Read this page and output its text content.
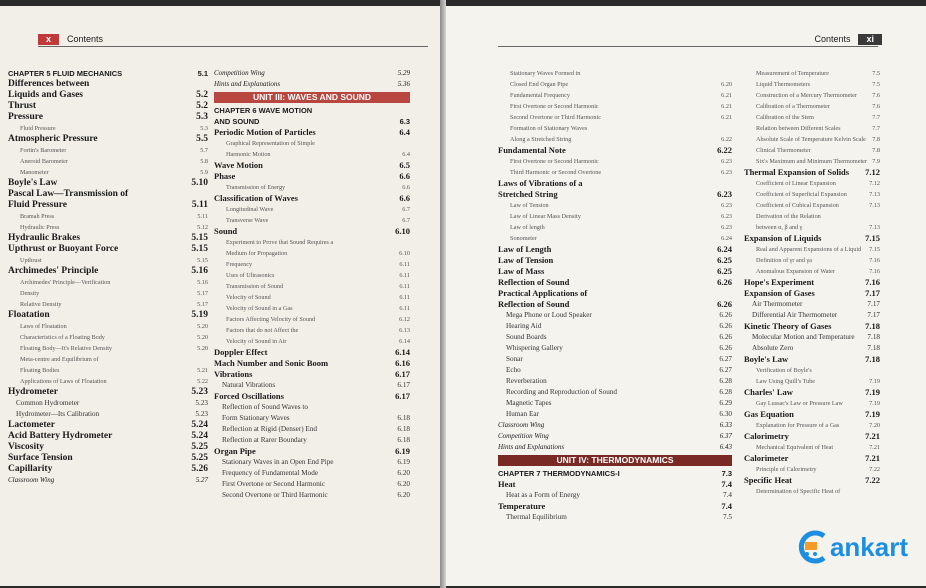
x	Contents
CHAPTER 5 FLUID MECHANICS	5.1
Differences between
Liquids and Gases	5.2
Thrust	5.2
Pressure	5.3
Fluid Pressure	5.3
Atmospheric Pressure	5.5
Fortin's Barometer	5.7
Aneroid Barometer	5.8
Manometer	5.9
Boyle's Law	5.10
Pascal Law—Transmission of
Fluid Pressure	5.11
Bramah Press	5.11
Hydraulic Press	5.12
Hydraulic Brakes	5.15
Upthrust or Buoyant Force	5.15
Upthrust	5.15
Archimedes' Principle	5.16
Archimedes' Principle—Verification	5.16
Density	5.17
Relative Density	5.17
Floatation	5.19
Laws of Floatation	5.20
Characteristics of a Floating Body	5.20
Floating Body—It's Relative Density	5.20
Meta-centre and Equilibrium of
Floating Bodies	5.21
Applications of Laws of Floatation	5.22
Hydrometer	5.23
Common Hydrometer	5.23
Hydrometer—Its Calibration	5.23
Lactometer	5.24
Acid Battery Hydrometer	5.24
Viscosity	5.25
Surface Tension	5.25
Capillarity	5.26
Classroom Wing	5.27
Competition Wing	5.29
Hints and Explanations	5.36
UNIT III: WAVES AND SOUND
CHAPTER 6 WAVE MOTION
AND SOUND	6.3
Periodic Motion of Particles	6.4
Graphical Representation of Simple
Harmonic Motion	6.4
Wave Motion	6.5
Phase	6.6
Transmission of Energy	6.6
Classification of Waves	6.6
Longitudinal Wave	6.7
Transverse Wave	6.7
Sound	6.10
Experiment to Prove that Sound Requires a
Medium for Propagation	6.10
Frequency	6.11
Uses of Ultrasonics	6.11
Transmission of Sound	6.11
Velocity of Sound	6.11
Velocity of Sound in a Gas	6.11
Factors Affecting Velocity of Sound	6.12
Factors that do not Affect the	6.13
Velocity of Sound in Air	6.14
Doppler Effect	6.14
Mach Number and Sonic Boom	6.16
Vibrations	6.17
Natural Vibrations	6.17
Forced Oscillations	6.17
Reflection of Sound Waves to
Form Stationary Waves	6.18
Reflection at Rigid (Denser) End	6.18
Reflection at Rarer Boundary	6.18
Organ Pipe	6.19
Stationary Waves in an Open End Pipe	6.19
Frequency of Fundamental Mode	6.20
First Overtone or Second Harmonic	6.20
Second Overtone or Third Harmonic	6.20
Contents	xi
Stationary Waves Formed in
Closed End Organ Pipe	6.20
Fundamental Frequency	6.21
First Overtone or Second Harmonic	6.21
Second Overtone or Third Harmonic	6.21
Formation of Stationary Waves
Along a Stretched String	6.22
Fundamental Note	6.22
First Overtone or Second Harmonic	6.23
Third Harmonic or Second Overtone	6.23
Laws of Vibrations of a
Stretched String	6.23
Law of Tension	6.23
Law of Linear Mass Density	6.23
Law of length	6.23
Sonometer	6.24
Law of Length	6.24
Law of Tension	6.25
Law of Mass	6.25
Reflection of Sound	6.26
Practical Applications of
Reflection of Sound	6.26
Mega Phone or Loud Speaker	6.26
Hearing Aid	6.26
Sound Boards	6.26
Whispering Gallery	6.26
Sonar	6.27
Echo	6.27
Reverberation	6.28
Recording and Reproduction of Sound	6.28
Magnetic Tapes	6.29
Human Ear	6.30
Classroom Wing	6.33
Competition Wing	6.37
Hints and Explanations	6.43
UNIT IV: THERMODYNAMICS
CHAPTER 7 THERMODYNAMICS-I	7.3
Heat	7.4
Heat as a Form of Energy	7.4
Temperature	7.4
Thermal Equilibrium	7.5
Measurement of Temperature	7.5
Liquid Thermometers	7.5
Construction of a Mercury Thermometer 7.6
Calibration of a Thermometer	7.6
Calibration of the Stem	7.7
Relation between Different Scales	7.7
Absolute Scale of Temperature Kelvin Scale 7.8
Clinical Thermometer	7.8
Six's Maximum and Minimum Thermometer 7.9
Thermal Expansion of Solids 7.12
Coefficient of Linear Expansion	7.12
Coefficient of Superficial Expansion	7.13
Coefficient of Cubical Expansion	7.13
Derivation of the Relation
between α, β and γ	7.13
Expansion of Liquids	7.15
Real and Apparent Expansions of a Liquid 7.15
Definition of γr and γa	7.16
Anomalous Expansion of Water	7.16
Hope's Experiment	7.16
Expansion of Gases	7.17
Air Thermometer	7.17
Differential Air Thermometer	7.17
Kinetic Theory of Gases	7.18
Molecular Motion and Temperature 7.18
Absolute Zero	7.18
Boyle's Law	7.18
Verification of Boyle's
Law Using Quill's Tube	7.19
Charles' Law	7.19
Gay Lussac's Law or Pressure Law	7.19
Gas Equation	7.19
Explanation for Pressure of a Gas	7.20
Calorimetry	7.21
Mechanical Equivalent of Heat	7.21
Calorimeter	7.21
Principle of Calorimetry	7.22
Specific Heat	7.22
Determination of Specific Heat of
ankart
